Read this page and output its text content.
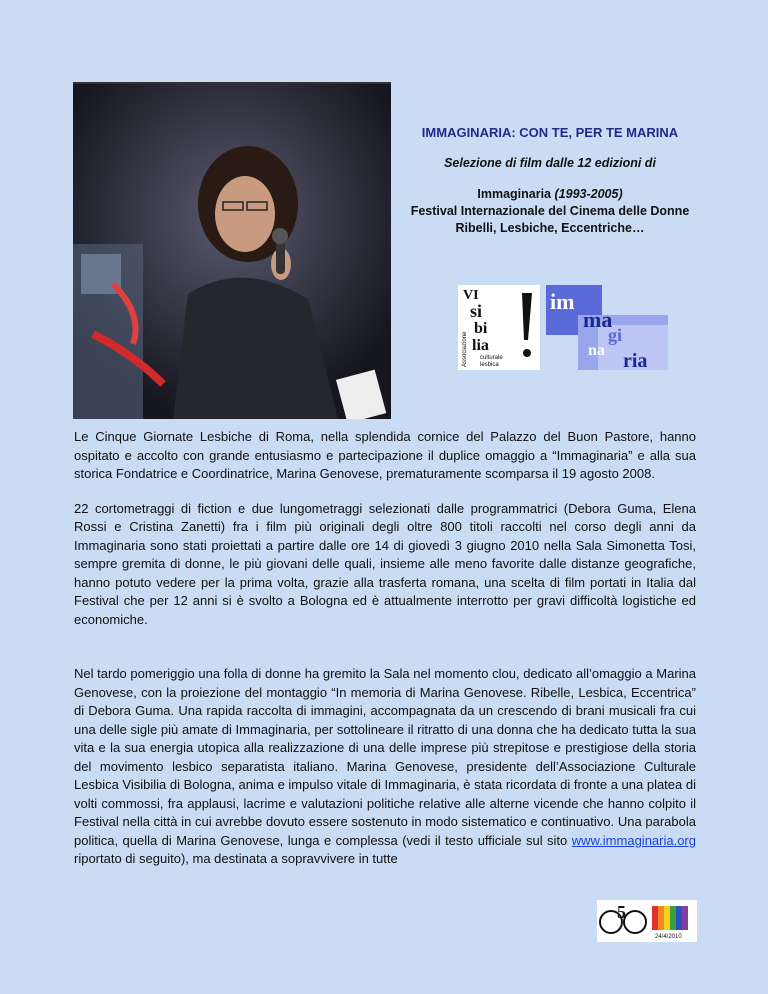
IMMAGINARIA: CON TE, PER TE MARINA

Selezione di film dalle 12 edizioni di

Immaginaria (1993-2005)
Festival Internazionale del Cinema delle Donne
Ribelli, Lesbiche, Eccentriche…

VI
si
bi
lia
Associazione culturale
lesbica
im
ma
gi
na ria

Le Cinque Giornate Lesbiche di Roma, nella splendida cornice del Palazzo del Buon Pastore, hanno ospitato e accolto con grande entusiasmo e partecipazione il duplice omaggio a “Immaginaria” e alla sua storica Fondatrice e Coordinatrice, Marina Genovese, prematuramente scomparsa il 19 agosto 2008.

22 cortometraggi di fiction e due lungometraggi selezionati dalle programmatrici (Debora Guma, Elena Rossi e Cristina Zanetti) fra i film più originali degli oltre 800 titoli raccolti nel corso degli anni da Immaginaria sono stati proiettati a partire dalle ore 14 di giovedì 3 giugno 2010 nella Sala Simonetta Tosi, sempre gremita di donne, le più giovani delle quali, insieme alle meno favorite dalle distanze geografiche, hanno potuto vedere per la prima volta, grazie alla trasferta romana, una scelta di film portati in Italia dal Festival che per 12 anni si è svolto a Bologna ed è attualmente interrotto per gravi difficoltà logistiche ed economiche.

Nel tardo pomeriggio una folla di donne ha gremito la Sala nel momento clou, dedicato all’omaggio a Marina Genovese, con la proiezione del montaggio “In memoria di Marina Genovese. Ribelle, Lesbica, Eccentrica” di Debora Guma. Una rapida raccolta di immagini, accompagnata da un crescendo di brani musicali fra cui una delle sigle più amate di Immaginaria, per sottolineare il ritratto di una donna che ha dedicato tutta la sua vita e la sua energia utopica alla realizzazione di una delle imprese più strepitose e prestigiose della storia del movimento lesbico separatista italiano. Marina Genovese, presidente dell’Associazione Culturale Lesbica Visibilia di Bologna, anima e impulso vitale di Immaginaria, è stata ricordata di fronte a una platea di volti commossi, fra applausi, lacrime e valutazioni politiche relative alle alterne vicende che hanno colpito il Festival nella città in cui avrebbe dovuto essere sostenuto in modo sistematico e continuativo. Una parabola politica, quella di Marina Genovese, lunga e complessa (vedi il testo ufficiale sul sito www.immaginaria.org riportato di seguito), ma destinata a sopravvivere in tutte

5
24/4/2010
